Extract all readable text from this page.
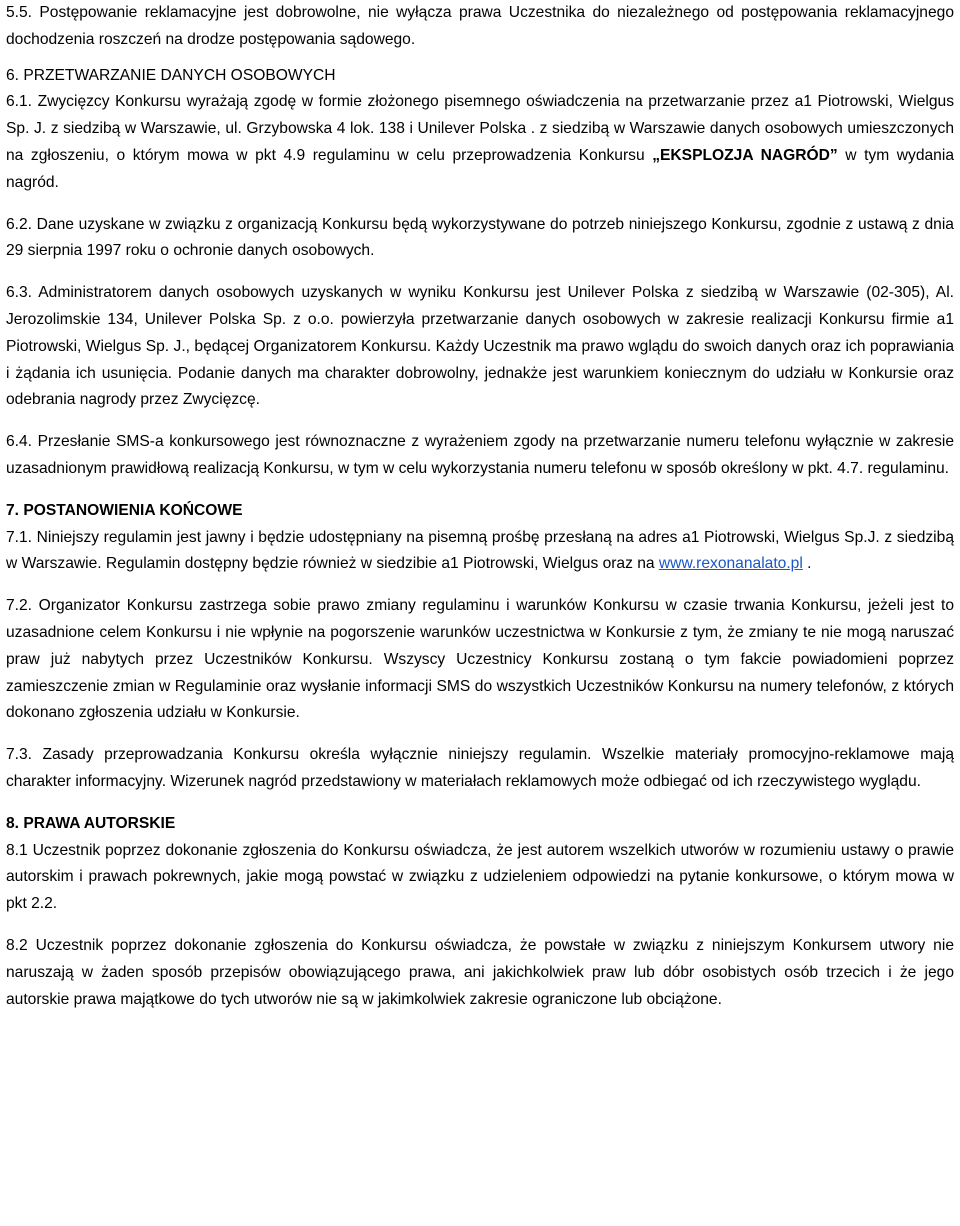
5.5. Postępowanie reklamacyjne jest dobrowolne, nie wyłącza prawa Uczestnika do niezależnego od postępowania reklamacyjnego dochodzenia roszczeń na drodze postępowania sądowego.

6. PRZETWARZANIE DANYCH OSOBOWYCH

6.1. Zwycięzcy Konkursu wyrażają zgodę w formie złożonego pisemnego oświadczenia na przetwarzanie przez a1 Piotrowski, Wielgus Sp. J. z siedzibą w Warszawie, ul. Grzybowska 4 lok. 138 i Unilever Polska . z siedzibą w Warszawie danych osobowych umieszczonych na zgłoszeniu, o którym mowa w pkt 4.9 regulaminu w celu przeprowadzenia Konkursu „EKSPLOZJA NAGRÓD” w tym wydania nagród.

6.2. Dane uzyskane w związku z organizacją Konkursu będą wykorzystywane do potrzeb niniejszego Konkursu, zgodnie z ustawą z dnia 29 sierpnia 1997 roku o ochronie danych osobowych.

6.3. Administratorem danych osobowych uzyskanych w wyniku Konkursu jest Unilever Polska z siedzibą w Warszawie (02-305), Al. Jerozolimskie 134, Unilever Polska Sp. z o.o. powierzyła przetwarzanie danych osobowych w zakresie realizacji Konkursu firmie a1 Piotrowski, Wielgus Sp. J., będącej Organizatorem Konkursu. Każdy Uczestnik ma prawo wglądu do swoich danych oraz ich poprawiania i żądania ich usunięcia. Podanie danych ma charakter dobrowolny, jednakże jest warunkiem koniecznym do udziału w Konkursie oraz odebrania nagrody przez Zwycięzcę.

6.4. Przesłanie SMS-a konkursowego jest równoznaczne z wyrażeniem zgody na przetwarzanie numeru telefonu wyłącznie w zakresie uzasadnionym prawidłową realizacją Konkursu, w tym w celu wykorzystania numeru telefonu w sposób określony w pkt. 4.7. regulaminu.

7. POSTANOWIENIA KOŃCOWE

7.1. Niniejszy regulamin jest jawny i będzie udostępniany na pisemną prośbę przesłaną na adres a1 Piotrowski, Wielgus Sp.J. z siedzibą w Warszawie. Regulamin dostępny będzie również w siedzibie a1 Piotrowski, Wielgus oraz na www.rexonanalato.pl .

7.2. Organizator Konkursu zastrzega sobie prawo zmiany regulaminu i warunków Konkursu w czasie trwania Konkursu, jeżeli jest to uzasadnione celem Konkursu i nie wpłynie na pogorszenie warunków uczestnictwa w Konkursie z tym, że zmiany te nie mogą naruszać praw już nabytych przez Uczestników Konkursu. Wszyscy Uczestnicy Konkursu zostaną o tym fakcie powiadomieni poprzez zamieszczenie zmian w Regulaminie oraz wysłanie informacji SMS do wszystkich Uczestników Konkursu na numery telefonów, z których dokonano zgłoszenia udziału w Konkursie.

7.3. Zasady przeprowadzania Konkursu określa wyłącznie niniejszy regulamin. Wszelkie materiały promocyjno-reklamowe mają charakter informacyjny. Wizerunek nagród przedstawiony w materiałach reklamowych może odbiegać od ich rzeczywistego wyglądu.

8. PRAWA AUTORSKIE

8.1 Uczestnik poprzez dokonanie zgłoszenia do Konkursu oświadcza, że jest autorem wszelkich utworów w rozumieniu ustawy o prawie autorskim i prawach pokrewnych, jakie mogą powstać w związku z udzieleniem odpowiedzi na pytanie konkursowe, o którym mowa w pkt 2.2.

8.2 Uczestnik poprzez dokonanie zgłoszenia do Konkursu oświadcza, że powstałe w związku z niniejszym Konkursem utwory nie naruszają w żaden sposób przepisów obowiązującego prawa, ani jakichkolwiek praw lub dóbr osobistych osób trzecich i że jego autorskie prawa majątkowe do tych utworów nie są w jakimkolwiek zakresie ograniczone lub obciążone.
